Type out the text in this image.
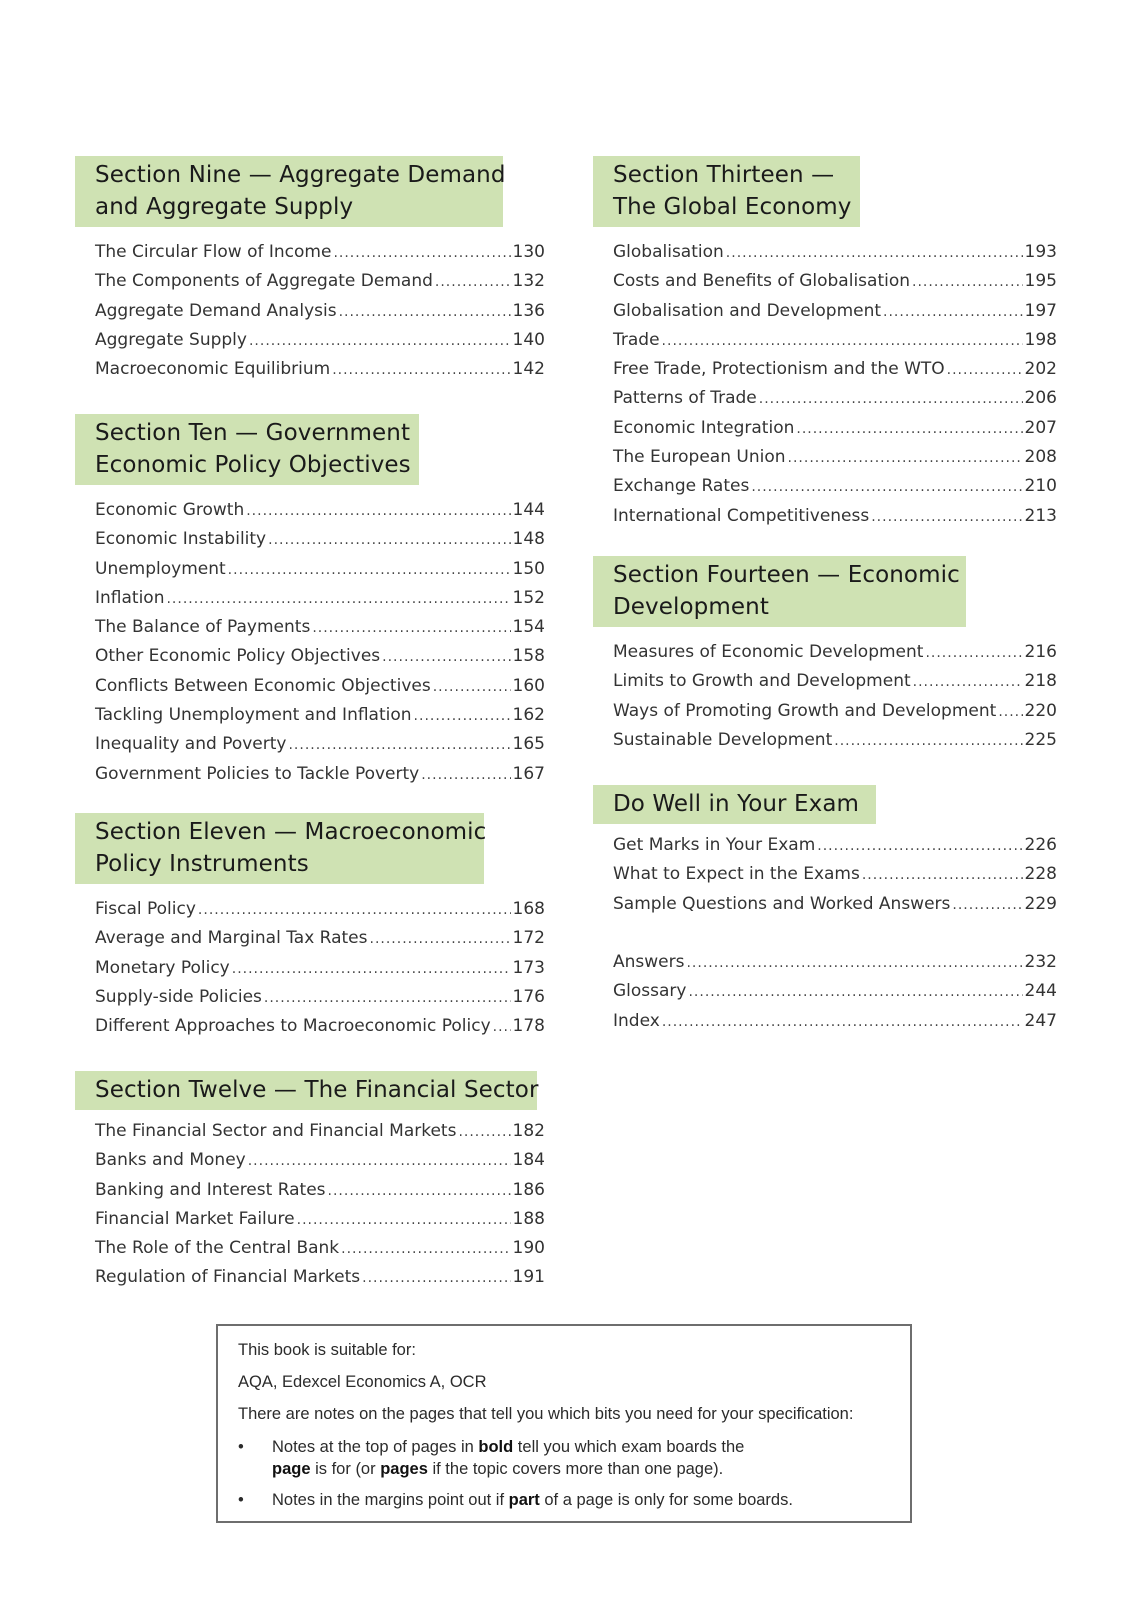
Section Nine — Aggregate Demand
and Aggregate Supply
The Circular Flow of Income .....	130
The Components of Aggregate Demand .....	132
Aggregate Demand Analysis .....	136
Aggregate Supply .....	140
Macroeconomic Equilibrium .....	142
Section Ten — Government
Economic Policy Objectives
Economic Growth .....	144
Economic Instability .....	148
Unemployment .....	150
Inflation .....	152
The Balance of Payments .....	154
Other Economic Policy Objectives .....	158
Conflicts Between Economic Objectives .....	160
Tackling Unemployment and Inflation .....	162
Inequality and Poverty .....	165
Government Policies to Tackle Poverty .....	167
Section Eleven — Macroeconomic
Policy Instruments
Fiscal Policy .....	168
Average and Marginal Tax Rates .....	172
Monetary Policy .....	173
Supply-side Policies .....	176
Different Approaches to Macroeconomic Policy ..... 178
Section Twelve — The Financial Sector
The Financial Sector and Financial Markets .....	182
Banks and Money .....	184
Banking and Interest Rates .....	186
Financial Market Failure .....	188
The Role of the Central Bank .....	190
Regulation of Financial Markets .....	191
Section Thirteen —
The Global Economy
Globalisation .....	193
Costs and Benefits of Globalisation .....	195
Globalisation and Development .....	197
Trade .....	198
Free Trade, Protectionism and the WTO .....	202
Patterns of Trade .....	206
Economic Integration .....	207
The European Union .....	208
Exchange Rates .....	210
International Competitiveness .....	213
Section Fourteen — Economic
Development
Measures of Economic Development .....	216
Limits to Growth and Development .....	218
Ways of Promoting Growth and Development ..... 220
Sustainable Development .....	225
Do Well in Your Exam
Get Marks in Your Exam .....	226
What to Expect in the Exams .....	228
Sample Questions and Worked Answers .....	229
Answers .....	232
Glossary .....	244
Index .....	247

This book is suitable for:

AQA, Edexcel Economics A, OCR

There are notes on the pages that tell you which bits you need for your specification:

• Notes at the top of pages in bold tell you which exam boards the
page is for (or pages if the topic covers more than one page).
• Notes in the margins point out if part of a page is only for some boards.
